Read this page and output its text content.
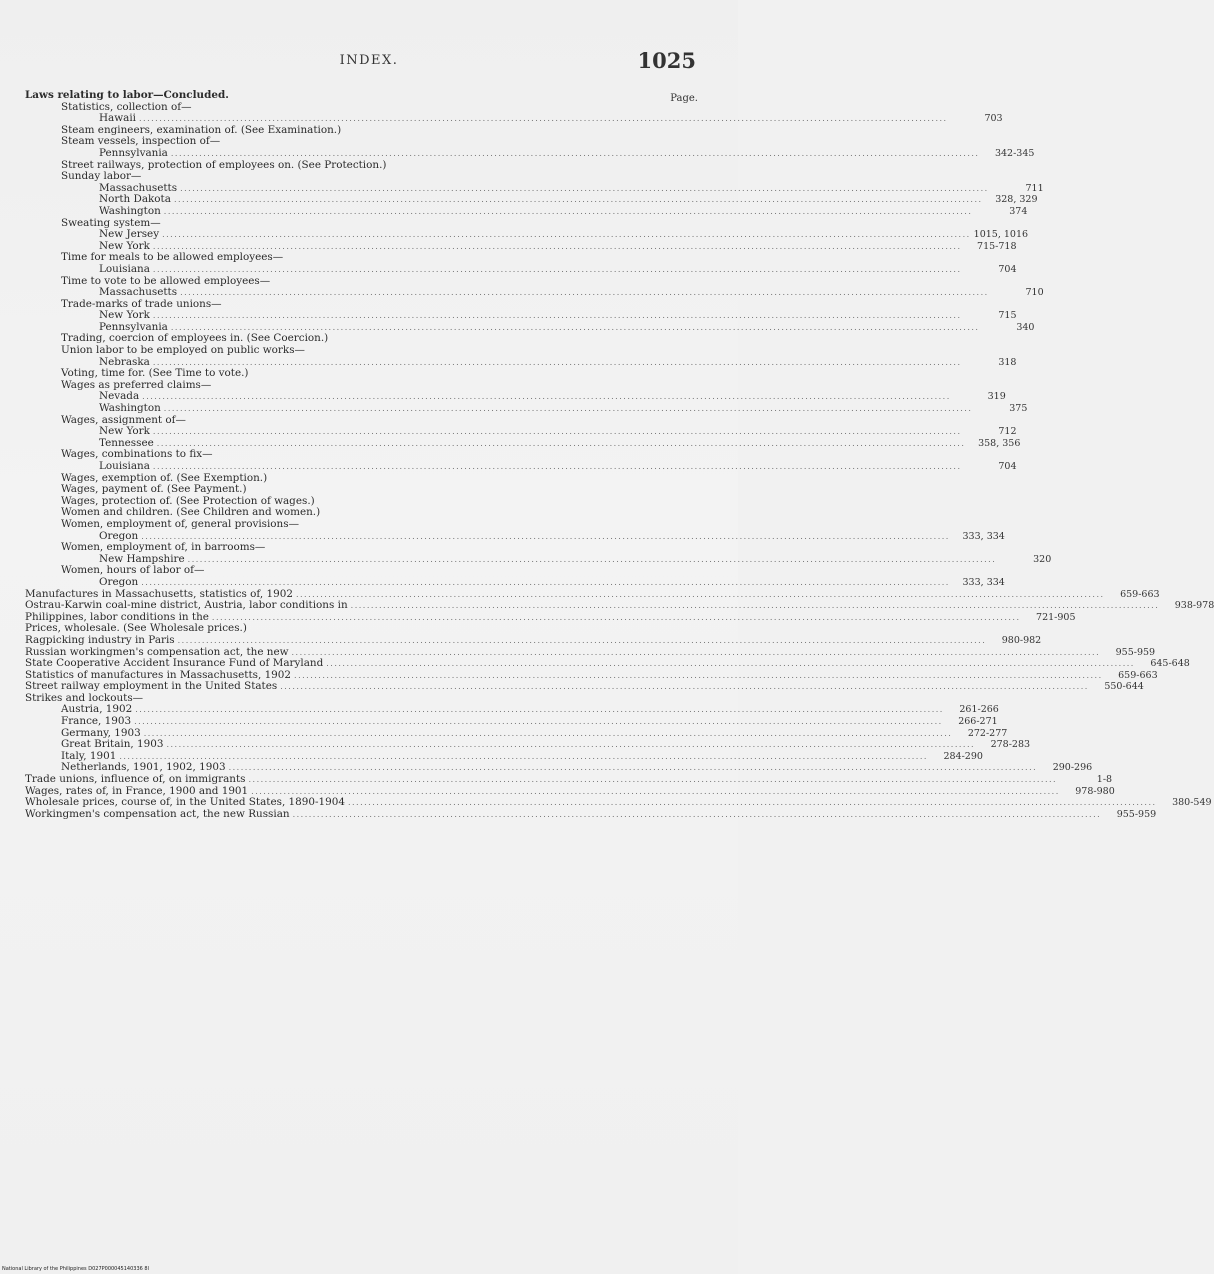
INDEX.	1025
Page.
Laws relating to labor—Concluded.
Statistics, collection of—
Hawaii ........................................................................................................................................................................................................	703
Steam engineers, examination of. (See Examination.)
Steam vessels, inspection of—
Pennsylvania ........................................................................................................................................................................................................	342-345
Street railways, protection of employees on. (See Protection.)
Sunday labor—
Massachusetts ........................................................................................................................................................................................................	711
North Dakota ........................................................................................................................................................................................................	328, 329
Washington ........................................................................................................................................................................................................	374
Sweating system—
New Jersey ........................................................................................................................................................................................................ 1015, 1016
New York ........................................................................................................................................................................................................	715-718
Time for meals to be allowed employees—
Louisiana ........................................................................................................................................................................................................	704
Time to vote to be allowed employees—
Massachusetts ........................................................................................................................................................................................................	710
Trade-marks of trade unions—
New York ........................................................................................................................................................................................................	715
Pennsylvania ........................................................................................................................................................................................................	340
Trading, coercion of employees in. (See Coercion.)
Union labor to be employed on public works—
Nebraska ........................................................................................................................................................................................................	318
Voting, time for. (See Time to vote.)
Wages as preferred claims—
Nevada ........................................................................................................................................................................................................	319
Washington ........................................................................................................................................................................................................	375
Wages, assignment of—
New York ........................................................................................................................................................................................................	712
Tennessee ........................................................................................................................................................................................................	358, 356
Wages, combinations to fix—
Louisiana ........................................................................................................................................................................................................	704
Wages, exemption of. (See Exemption.)
Wages, payment of. (See Payment.)
Wages, protection of. (See Protection of wages.)
Women and children. (See Children and women.)
Women, employment of, general provisions—
Oregon ........................................................................................................................................................................................................	333, 334
Women, employment of, in barrooms—
New Hampshire ........................................................................................................................................................................................................	320
Women, hours of labor of—
Oregon ........................................................................................................................................................................................................	333, 334
Manufactures in Massachusetts, statistics of, 1902 ........................................................................................................................................................................................................	659-663
Ostrau-Karwin coal-mine district, Austria, labor conditions in ........................................................................................................................................................................................................	938-978
Philippines, labor conditions in the ........................................................................................................................................................................................................	721-905
Prices, wholesale. (See Wholesale prices.)
Ragpicking industry in Paris ........................................................................................................................................................................................................	980-982
Russian workingmen's compensation act, the new ........................................................................................................................................................................................................	955-959
State Cooperative Accident Insurance Fund of Maryland ........................................................................................................................................................................................................	645-648
Statistics of manufactures in Massachusetts, 1902 ........................................................................................................................................................................................................	659-663
Street railway employment in the United States ........................................................................................................................................................................................................	550-644
Strikes and lockouts—
Austria, 1902 ........................................................................................................................................................................................................	261-266
France, 1903 ........................................................................................................................................................................................................	266-271
Germany, 1903 ........................................................................................................................................................................................................	272-277
Great Britain, 1903 ........................................................................................................................................................................................................	278-283
Italy, 1901 ........................................................................................................................................................................................................	284-290
Netherlands, 1901, 1902, 1903 ........................................................................................................................................................................................................	290-296
Trade unions, influence of, on immigrants ........................................................................................................................................................................................................	1-8
Wages, rates of, in France, 1900 and 1901 ........................................................................................................................................................................................................	978-980
Wholesale prices, course of, in the United States, 1890-1904 ........................................................................................................................................................................................................	380-549
Workingmen's compensation act, the new Russian ........................................................................................................................................................................................................	955-959
National Library of the Philippines D027P000045140336 8l
